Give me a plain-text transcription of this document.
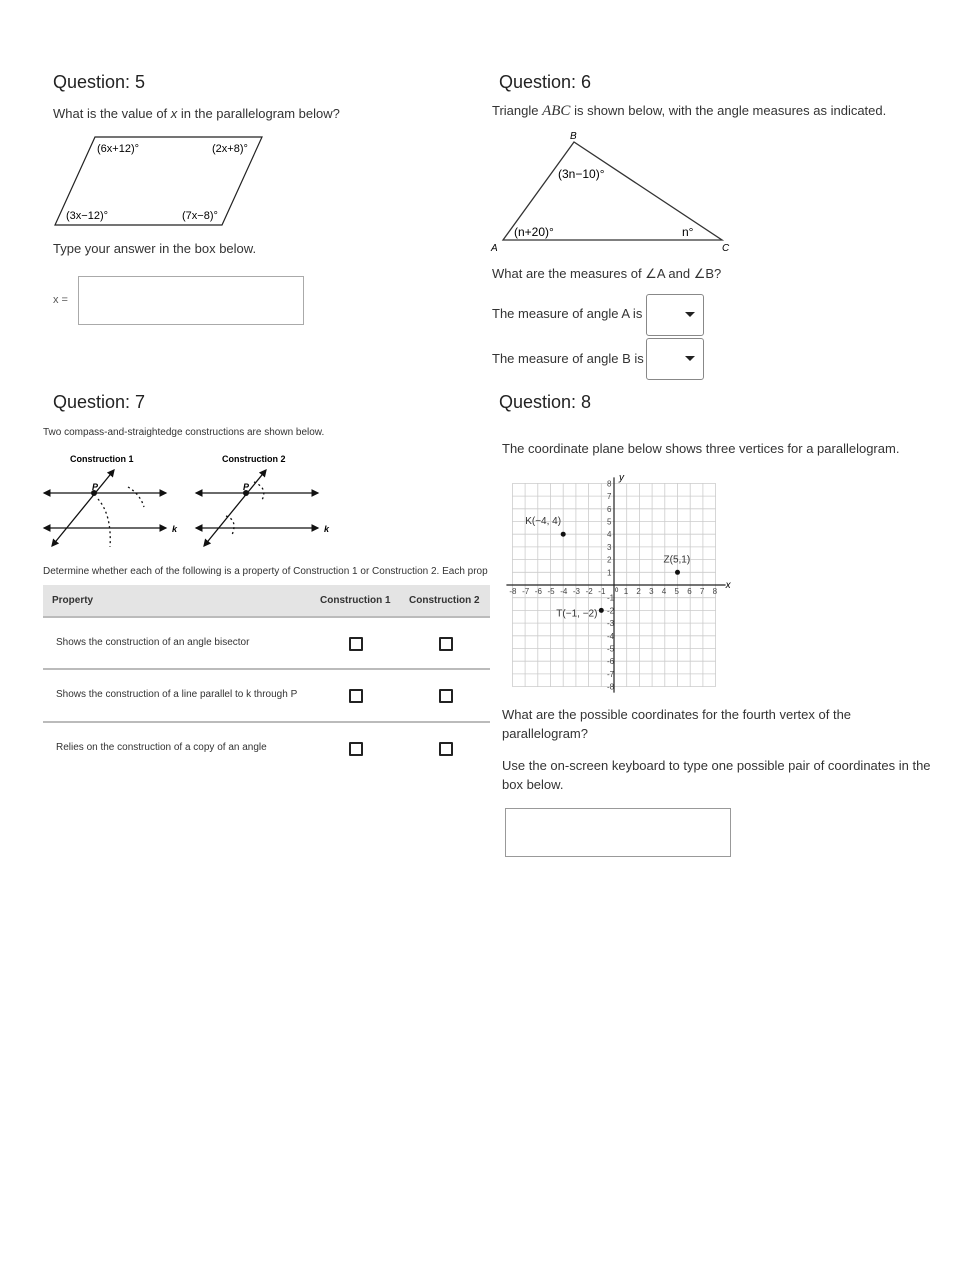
Question: 5
What is the value of x in the parallelogram below?
(6x+12)°	(2x+8)°
(3x−12)°	(7x−8)°
Type your answer in the box below.
x =
Question: 6
Triangle ABC is shown below, with the angle measures as indicated.
A
B
C
(3n−10)°
(n+20)°	n°
What are the measures of ∠A and ∠B?
The measure of angle A is
The measure of angle B is
Question: 7
Two compass-and-straightedge constructions are shown below.
Construction 1	Construction 2
P
k
P
k
Determine whether each of the following is a property of Construction 1 or Construction 2. Each prop
Property	Construction 1 Construction 2
Shows the construction of an angle bisector
Shows the construction of a line parallel to k through P
Relies on the construction of a copy of an angle
Question: 8
The coordinate plane below shows three vertices for a parallelogram.
x
y
-8
-8
-7
-7
-6
-6
-5
-5
-4
-4
-3
-3
-2
-2
-1
-1
0 1
1
2
2
3
3
4
4
5
5
6
6
7
7
8
8
K(−4, 4)
Z(5,1)
T(−1, −2)
What are the possible coordinates for the fourth vertex of the parallelogram?
Use the on-screen keyboard to type one possible pair of coordinates in the box below.
